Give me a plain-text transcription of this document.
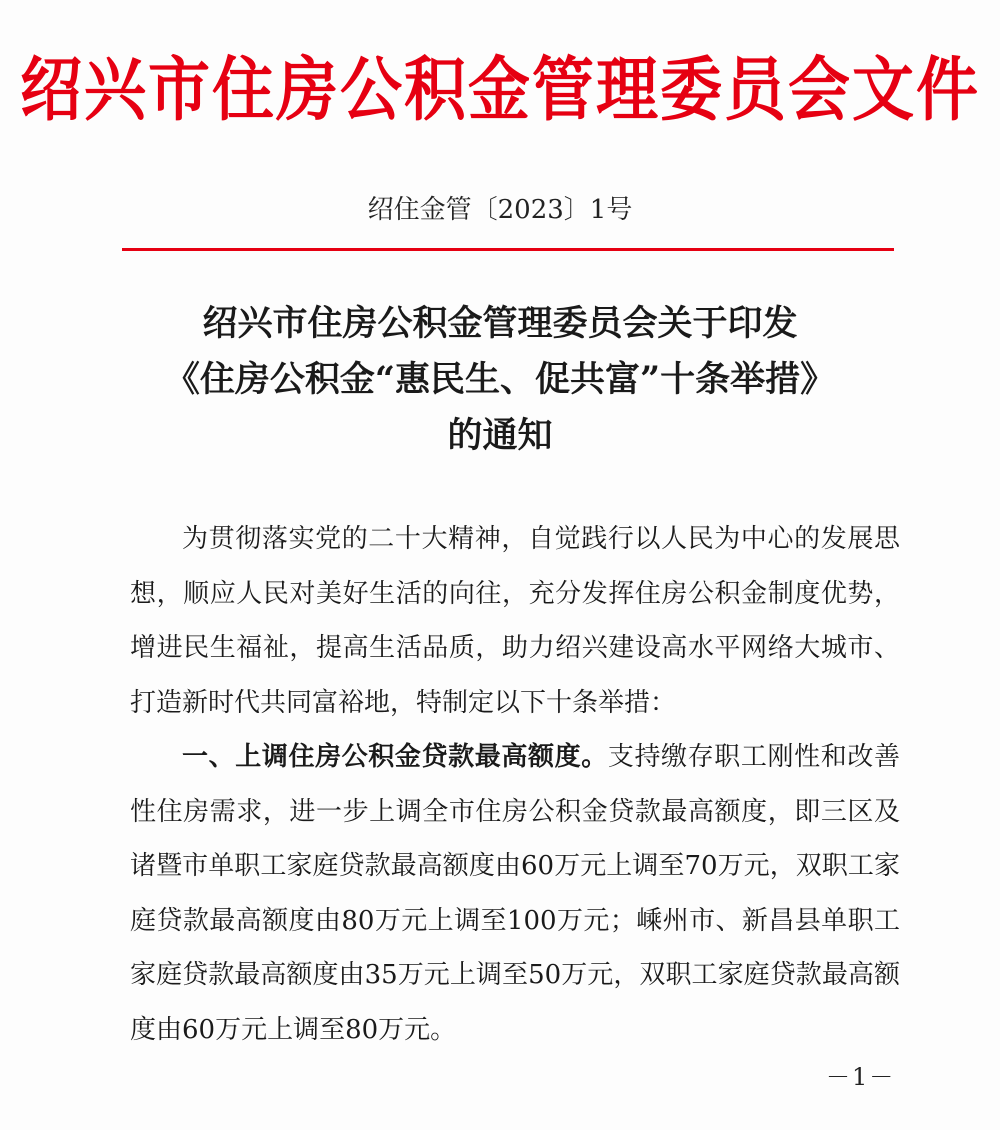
绍兴市住房公积金管理委员会文件
绍住金管〔2023〕1号
绍兴市住房公积金管理委员会关于印发
《住房公积金“惠民生、促共富”十条举措》
的通知

为贯彻落实党的二十大精神，自觉践行以人民为中心的发展思想，顺应人民对美好生活的向往，充分发挥住房公积金制度优势，增进民生福祉，提高生活品质，助力绍兴建设高水平网络大城市、打造新时代共同富裕地，特制定以下十条举措：

一、上调住房公积金贷款最高额度。支持缴存职工刚性和改善性住房需求，进一步上调全市住房公积金贷款最高额度，即三区及诸暨市单职工家庭贷款最高额度由60万元上调至70万元，双职工家庭贷款最高额度由80万元上调至100万元；嵊州市、新昌县单职工家庭贷款最高额度由35万元上调至50万元，双职工家庭贷款最高额度由60万元上调至80万元。

－1－
